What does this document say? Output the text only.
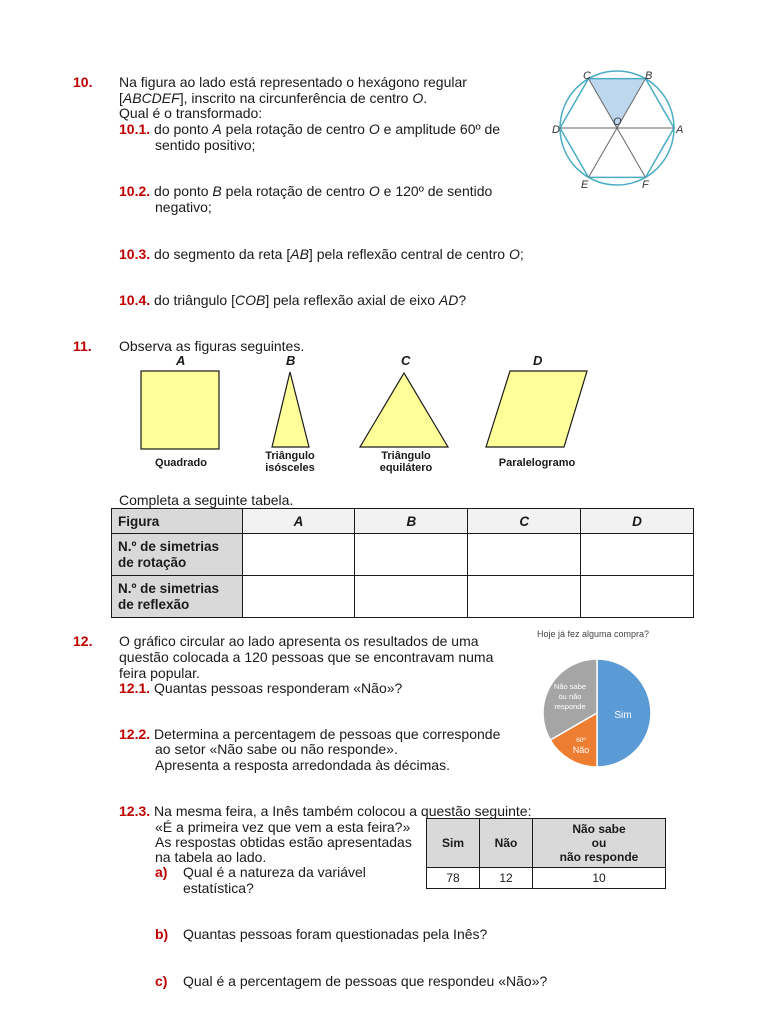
10. Na figura ao lado está representado o hexágono regular
[ABCDEF], inscrito na circunferência de centro O.
Qual é o transformado:
10.1. do ponto A pela rotação de centro O e amplitude 60º de
sentido positivo;
10.2. do ponto B pela rotação de centro O e 120º de sentido
negativo;
10.3. do segmento da reta [AB] pela reflexão central de centro O;
10.4. do triângulo [COB] pela reflexão axial de eixo AD?
C	B
D	A
O
E	F
11. Observa as figuras seguintes.
A	B	C	D
Quadrado
Triângulo
isósceles
Triângulo
equilátero	Paralelogramo
Completa a seguinte tabela.
Figura	A	B	C	D

N.º de simetrias
de rotação				

N.º de simetrias
de reflexão				

12. O gráfico circular ao lado apresenta os resultados de uma
questão colocada a 120 pessoas que se encontravam numa
feira popular.
12.1. Quantas pessoas responderam «Não»?
12.2. Determina a percentagem de pessoas que corresponde
ao setor «Não sabe ou não responde».
Apresenta a resposta arredondada às décimas.
12.3. Na mesma feira, a Inês também colocou a questão seguinte:
«É a primeira vez que vem a esta feira?»
As respostas obtidas estão apresentadas
na tabela ao lado.
a) Qual é a natureza da variável
estatística?
b) Quantas pessoas foram questionadas pela Inês?
c) Qual é a percentagem de pessoas que respondeu «Não»?
Hoje já fez alguma compra?
Sim
Não sabe
ou não
responde
60º
Não
Sim	Não	Não sabe
ou
não responde

78	12	10
